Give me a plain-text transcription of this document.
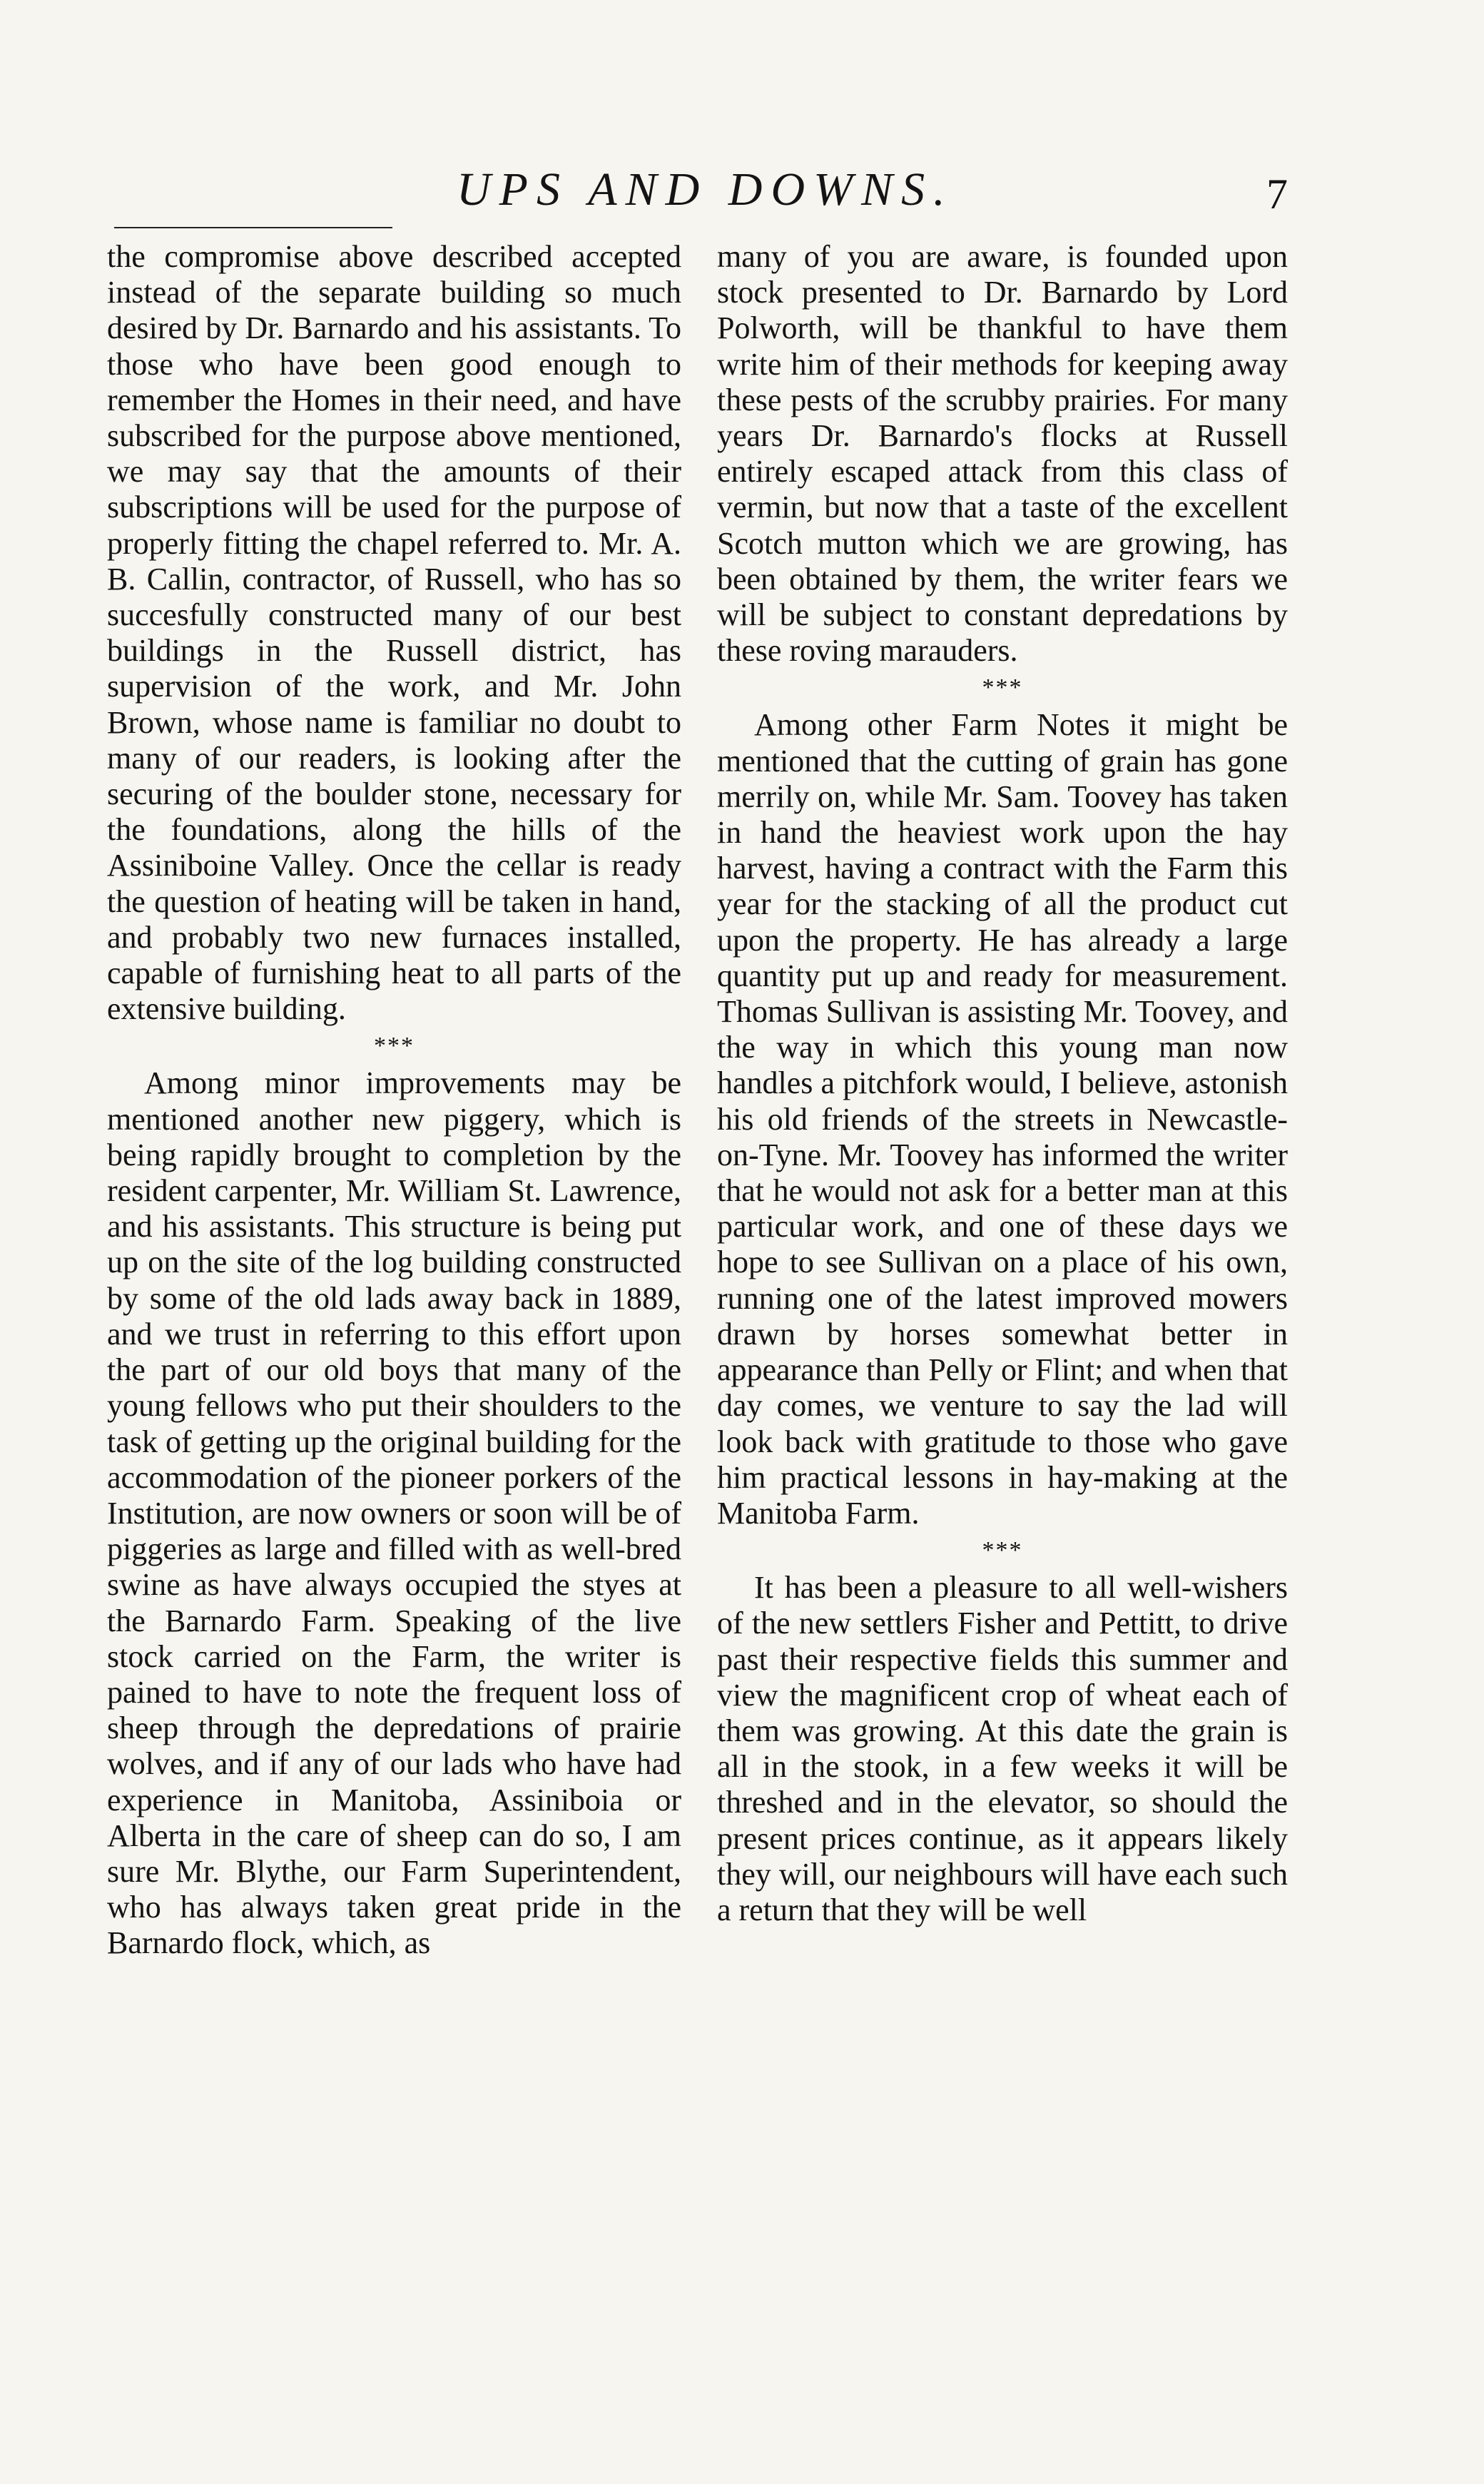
UPS AND DOWNS.	7

the compromise above described accepted instead of the separate building so much desired by Dr. Barnardo and his assistants. To those who have been good enough to remember the Homes in their need, and have subscribed for the purpose above mentioned, we may say that the amounts of their subscriptions will be used for the purpose of properly fitting the chapel referred to. Mr. A. B. Callin, contractor, of Russell, who has so succesfully constructed many of our best buildings in the Russell district, has supervision of the work, and Mr. John Brown, whose name is familiar no doubt to many of our readers, is looking after the securing of the boulder stone, necessary for the foundations, along the hills of the Assiniboine Valley. Once the cellar is ready the question of heating will be taken in hand, and probably two new furnaces installed, capable of furnishing heat to all parts of the extensive building.

***

Among minor improvements may be mentioned another new piggery, which is being rapidly brought to completion by the resident carpenter, Mr. William St. Lawrence, and his assistants. This structure is being put up on the site of the log building constructed by some of the old lads away back in 1889, and we trust in referring to this effort upon the part of our old boys that many of the young fellows who put their shoulders to the task of getting up the original building for the accommodation of the pioneer porkers of the Institution, are now owners or soon will be of piggeries as large and filled with as well-bred swine as have always occupied the styes at the Barnardo Farm. Speaking of the live stock carried on the Farm, the writer is pained to have to note the frequent loss of sheep through the depredations of prairie wolves, and if any of our lads who have had experience in Manitoba, Assiniboia or Alberta in the care of sheep can do so, I am sure Mr. Blythe, our Farm Superintendent, who has always taken great pride in the Barnardo flock, which, as

many of you are aware, is founded upon stock presented to Dr. Barnardo by Lord Polworth, will be thankful to have them write him of their methods for keeping away these pests of the scrubby prairies. For many years Dr. Barnardo's flocks at Russell entirely escaped attack from this class of vermin, but now that a taste of the excellent Scotch mutton which we are growing, has been obtained by them, the writer fears we will be subject to constant depredations by these roving marauders.

***

Among other Farm Notes it might be mentioned that the cutting of grain has gone merrily on, while Mr. Sam. Toovey has taken in hand the heaviest work upon the hay harvest, having a contract with the Farm this year for the stacking of all the product cut upon the property. He has already a large quantity put up and ready for measurement. Thomas Sullivan is assisting Mr. Toovey, and the way in which this young man now handles a pitchfork would, I believe, astonish his old friends of the streets in Newcastle-on-Tyne. Mr. Toovey has informed the writer that he would not ask for a better man at this particular work, and one of these days we hope to see Sullivan on a place of his own, running one of the latest improved mowers drawn by horses somewhat better in appearance than Pelly or Flint; and when that day comes, we venture to say the lad will look back with gratitude to those who gave him practical lessons in hay-making at the Manitoba Farm.

***

It has been a pleasure to all well-wishers of the new settlers Fisher and Pettitt, to drive past their respective fields this summer and view the magnificent crop of wheat each of them was growing. At this date the grain is all in the stook, in a few weeks it will be threshed and in the elevator, so should the present prices continue, as it appears likely they will, our neighbours will have each such a return that they will be well
